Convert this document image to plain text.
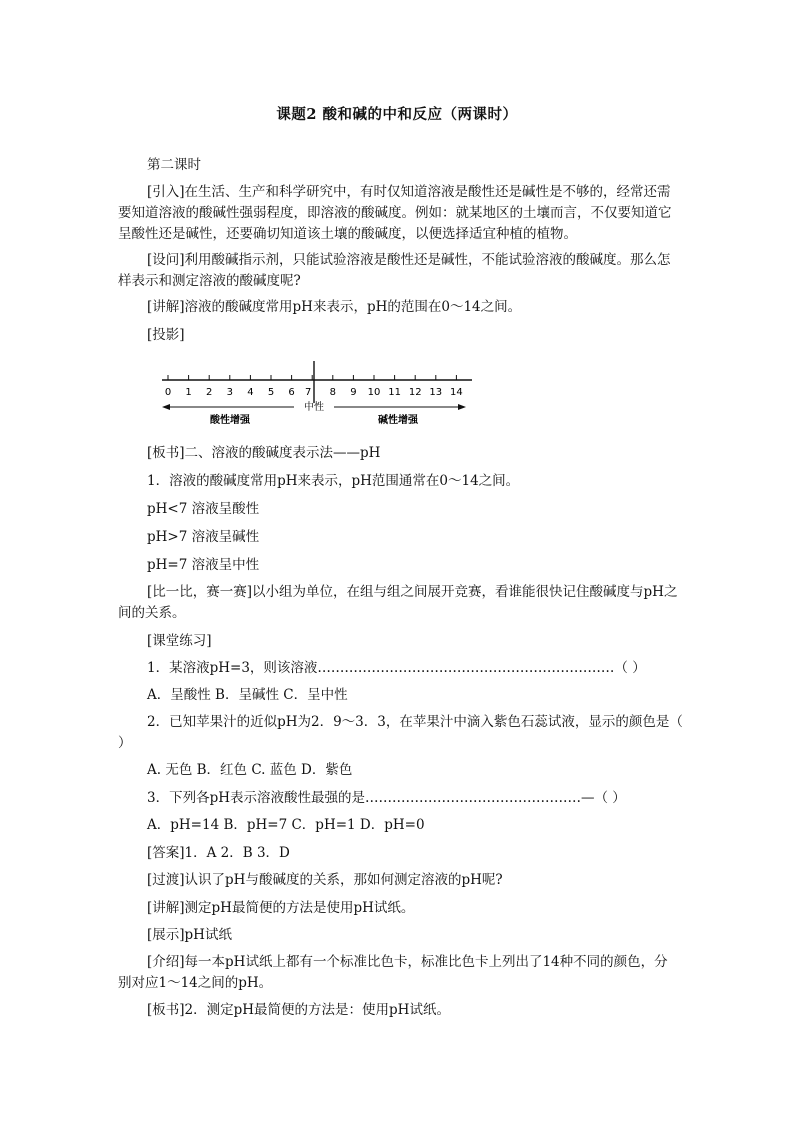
课题2 酸和碱的中和反应（两课时）
第二课时
[引入]在生活、生产和科学研究中，有时仅知道溶液是酸性还是碱性是不够的，经常还需
要知道溶液的酸碱性强弱程度，即溶液的酸碱度。例如：就某地区的土壤而言，不仅要知道它
呈酸性还是碱性，还要确切知道该土壤的酸碱度，以便选择适宜种植的植物。
[设问]利用酸碱指示剂，只能试验溶液是酸性还是碱性，不能试验溶液的酸碱度。那么怎
样表示和测定溶液的酸碱度呢?
[讲解]溶液的酸碱度常用pH来表示，pH的范围在0～14之间。
[投影]
0 1 2 3 4 5 6 7 8 9 10 11 12 13 14
中性
酸性增强	碱性增强
[板书]二、溶液的酸碱度表示法——pH
1．溶液的酸碱度常用pH来表示，pH范围通常在0～14之间。
pH<7 溶液呈酸性
pH>7 溶液呈碱性
pH=7 溶液呈中性
[比一比，赛一赛]以小组为单位，在组与组之间展开竞赛，看谁能很快记住酸碱度与pH之
间的关系。
[课堂练习]
1．某溶液pH=3，则该溶液…………………………………………………………（ ）
A．呈酸性 B．呈碱性 C．呈中性
2．已知苹果汁的近似pH为2．9～3．3，在苹果汁中滴入紫色石蕊试液，显示的颜色是（
）
A. 无色 B．红色 C. 蓝色 D．紫色
3．下列各pH表示溶液酸性最强的是…………………………………………—（ ）
A．pH=14 B．pH=7 C．pH=1 D．pH=0
[答案]1．A 2．B 3．D
[过渡]认识了pH与酸碱度的关系，那如何测定溶液的pH呢?
[讲解]测定pH最简便的方法是使用pH试纸。
[展示]pH试纸
[介绍]每一本pH试纸上都有一个标准比色卡，标准比色卡上列出了14种不同的颜色，分
别对应1～14之间的pH。
[板书]2．测定pH最简便的方法是：使用pH试纸。
